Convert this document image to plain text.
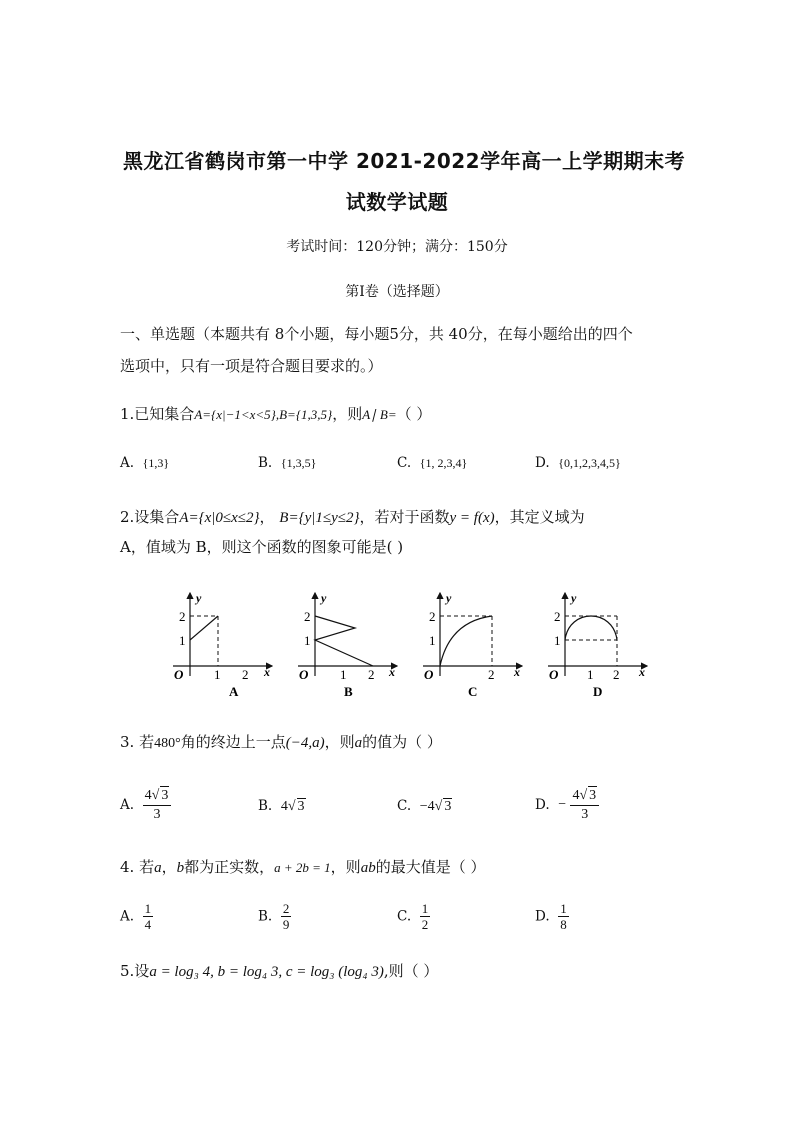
黑龙江省鹤岗市第一中学 2021-2022学年高一上学期期末考
试数学试题
考试时间：120分钟；满分：150分
第Ⅰ卷（选择题）
一、单选题（本题共有 8个小题，每小题5分，共 40分，在每小题给出的四个
选项中，只有一项是符合题目要求的。）
1.已知集合A={x|−1<x<5},B={1,3,5}，则A∣ B=（ ）
A. {1,3}	B. {1,3,5}	C. {1, 2,3,4}	D. {0,1,2,3,4,5}
2.设集合A={x|0≤x≤2}， B={y|1≤y≤2}，若对于函数y = f(x)，其定义域为
A，值域为 B，则这个函数的图象可能是( )
y
x
O
1
2
1 2
A
y
x
O
1
2
1 2
B
y
x
O
1
2
2
C
y
x
O
1
2
1 2
D
3. 若480°角的终边上一点(−4,a)，则a的值为（ ）
A. $\frac{4√ 3}{3}$	B. 4√ 3	C. −4√ 3	D. − $\frac{4√ 3}{3}$
4. 若a，b都为正实数，a + 2b = 1，则ab的最大值是（ ）
A. $\frac{1}{4}$	B. $\frac{2}{9}$	C. $\frac{1}{2}$	D. $\frac{1}{8}$
5.设a = log₃ 4, b = log₄ 3, c = log₃ (log₄ 3),则（ ）
